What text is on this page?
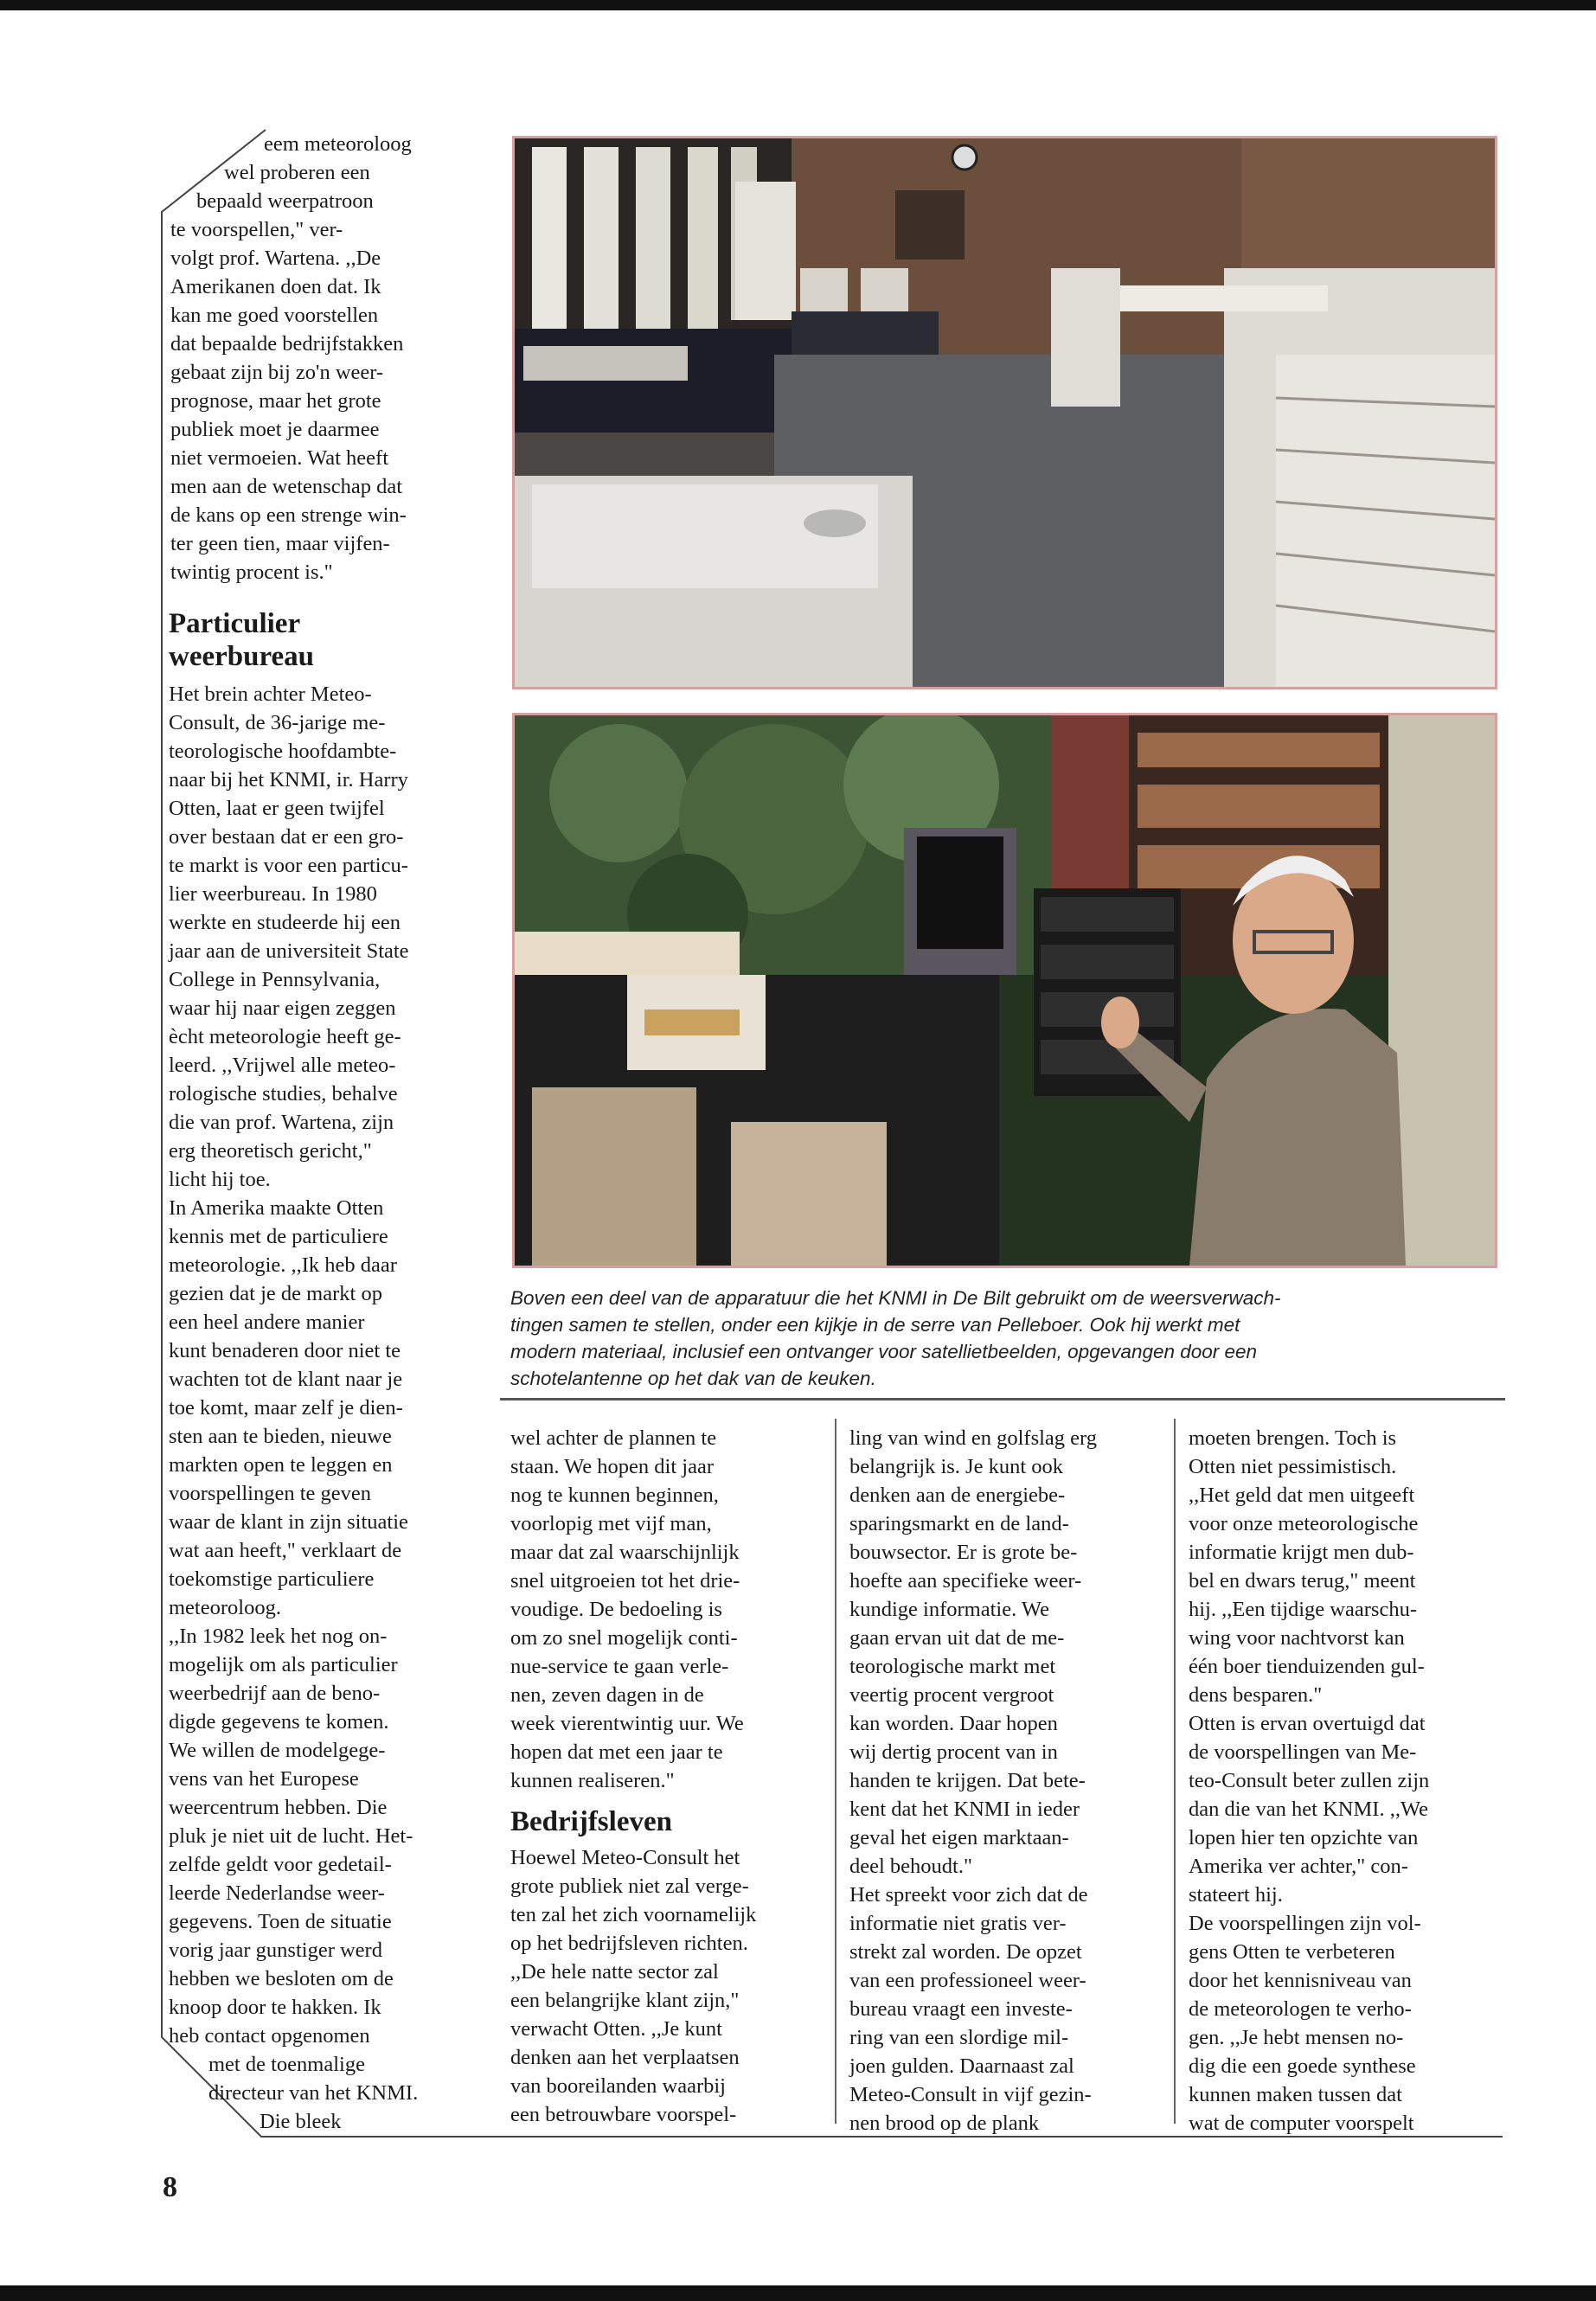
eem meteoroloog

wel proberen een

bepaald weerpatroon

te voorspellen," ver-

volgt prof. Wartena. ,,De

Amerikanen doen dat. Ik

kan me goed voorstellen

dat bepaalde bedrijfstakken

gebaat zijn bij zo'n weer-

prognose, maar het grote

publiek moet je daarmee

niet vermoeien. Wat heeft

men aan de wetenschap dat

de kans op een strenge win-

ter geen tien, maar vijfen-

twintig procent is."

Particulier
weerbureau

Het brein achter Meteo-

Consult, de 36-jarige me-

teorologische hoofdambte-

naar bij het KNMI, ir. Harry

Otten, laat er geen twijfel

over bestaan dat er een gro-

te markt is voor een particu-

lier weerbureau. In 1980

werkte en studeerde hij een

jaar aan de universiteit State

College in Pennsylvania,

waar hij naar eigen zeggen

ècht meteorologie heeft ge-

leerd. ,,Vrijwel alle meteo-

rologische studies, behalve

die van prof. Wartena, zijn

erg theoretisch gericht,"

licht hij toe.

In Amerika maakte Otten

kennis met de particuliere

meteorologie. ,,Ik heb daar

gezien dat je de markt op

een heel andere manier

kunt benaderen door niet te

wachten tot de klant naar je

toe komt, maar zelf je dien-

sten aan te bieden, nieuwe

markten open te leggen en

voorspellingen te geven

waar de klant in zijn situatie

wat aan heeft," verklaart de

toekomstige particuliere

meteoroloog.

,,In 1982 leek het nog on-

mogelijk om als particulier

weerbedrijf aan de beno-

digde gegevens te komen.

We willen de modelgege-

vens van het Europese

weercentrum hebben. Die

pluk je niet uit de lucht. Het-

zelfde geldt voor gedetail-

leerde Nederlandse weer-

gegevens. Toen de situatie

vorig jaar gunstiger werd

hebben we besloten om de

knoop door te hakken. Ik

heb contact opgenomen

met de toenmalige

directeur van het KNMI.

Die bleek

Boven een deel van de apparatuur die het KNMI in De Bilt gebruikt om de weersverwach-

tingen samen te stellen, onder een kijkje in de serre van Pelleboer. Ook hij werkt met

modern materiaal, inclusief een ontvanger voor satellietbeelden, opgevangen door een

schotelantenne op het dak van de keuken.

wel achter de plannen te

staan. We hopen dit jaar

nog te kunnen beginnen,

voorlopig met vijf man,

maar dat zal waarschijnlijk

snel uitgroeien tot het drie-

voudige. De bedoeling is

om zo snel mogelijk conti-

nue-service te gaan verle-

nen, zeven dagen in de

week vierentwintig uur. We

hopen dat met een jaar te

kunnen realiseren."

Bedrijfsleven

Hoewel Meteo-Consult het

grote publiek niet zal verge-

ten zal het zich voornamelijk

op het bedrijfsleven richten.

,,De hele natte sector zal

een belangrijke klant zijn,"

verwacht Otten. ,,Je kunt

denken aan het verplaatsen

van booreilanden waarbij

een betrouwbare voorspel-

ling van wind en golfslag erg

belangrijk is. Je kunt ook

denken aan de energiebe-

sparingsmarkt en de land-

bouwsector. Er is grote be-

hoefte aan specifieke weer-

kundige informatie. We

gaan ervan uit dat de me-

teorologische markt met

veertig procent vergroot

kan worden. Daar hopen

wij dertig procent van in

handen te krijgen. Dat bete-

kent dat het KNMI in ieder

geval het eigen marktaan-

deel behoudt."

Het spreekt voor zich dat de

informatie niet gratis ver-

strekt zal worden. De opzet

van een professioneel weer-

bureau vraagt een investe-

ring van een slordige mil-

joen gulden. Daarnaast zal

Meteo-Consult in vijf gezin-

nen brood op de plank

moeten brengen. Toch is

Otten niet pessimistisch.

,,Het geld dat men uitgeeft

voor onze meteorologische

informatie krijgt men dub-

bel en dwars terug," meent

hij. ,,Een tijdige waarschu-

wing voor nachtvorst kan

één boer tienduizenden gul-

dens besparen."

Otten is ervan overtuigd dat

de voorspellingen van Me-

teo-Consult beter zullen zijn

dan die van het KNMI. ,,We

lopen hier ten opzichte van

Amerika ver achter," con-

stateert hij.

De voorspellingen zijn vol-

gens Otten te verbeteren

door het kennisniveau van

de meteorologen te verho-

gen. ,,Je hebt mensen no-

dig die een goede synthese

kunnen maken tussen dat

wat de computer voorspelt

8
